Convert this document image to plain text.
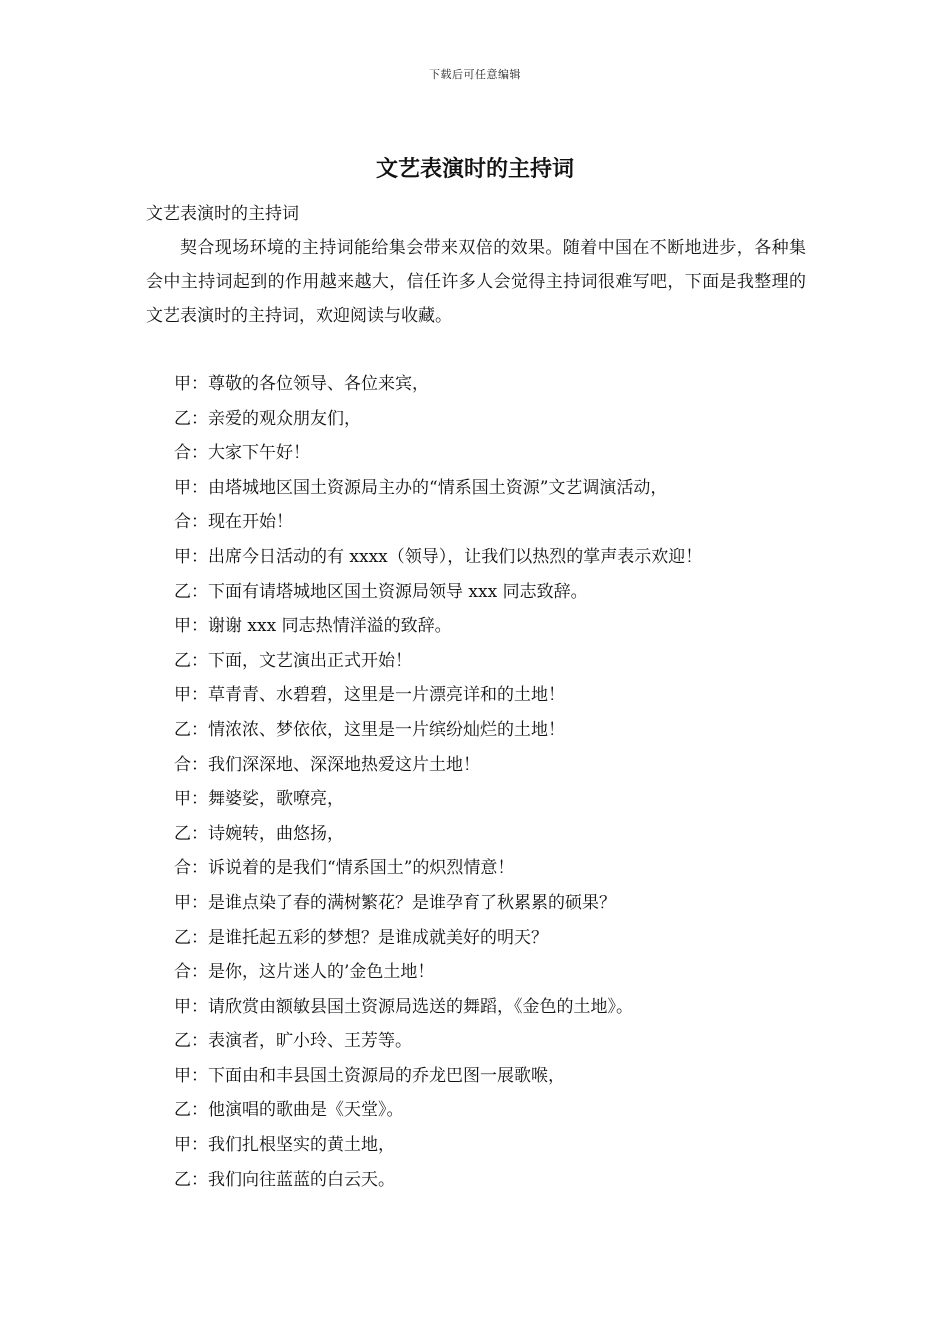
下载后可任意编辑
文艺表演时的主持词

文艺表演时的主持词

契合现场环境的主持词能给集会带来双倍的效果。随着中国在不断地进步，各种集会中主持词起到的作用越来越大，信任许多人会觉得主持词很难写吧，下面是我整理的文艺表演时的主持词，欢迎阅读与收藏。

甲：尊敬的各位领导、各位来宾，
乙：亲爱的观众朋友们，
合：大家下午好！
甲：由塔城地区国土资源局主办的“情系国土资源”文艺调演活动，
合：现在开始！
甲：出席今日活动的有 xxxx（领导），让我们以热烈的掌声表示欢迎！
乙：下面有请塔城地区国土资源局领导 xxx 同志致辞。
甲：谢谢 xxx 同志热情洋溢的致辞。
乙：下面，文艺演出正式开始！
甲：草青青、水碧碧，这里是一片漂亮详和的土地！
乙：情浓浓、梦依依，这里是一片缤纷灿烂的土地！
合：我们深深地、深深地热爱这片土地！
甲：舞婆娑，歌嘹亮，
乙：诗婉转，曲悠扬，
合：诉说着的是我们“情系国土”的炽烈情意！
甲：是谁点染了春的满树繁花？是谁孕育了秋累累的硕果？
乙：是谁托起五彩的梦想？是谁成就美好的明天？
合：是你，这片迷人的’金色土地！
甲：请欣赏由额敏县国土资源局选送的舞蹈，《金色的土地》。
乙：表演者，旷小玲、王芳等。
甲：下面由和丰县国土资源局的乔龙巴图一展歌喉，
乙：他演唱的歌曲是《天堂》。
甲：我们扎根坚实的黄土地，
乙：我们向往蓝蓝的白云天。
